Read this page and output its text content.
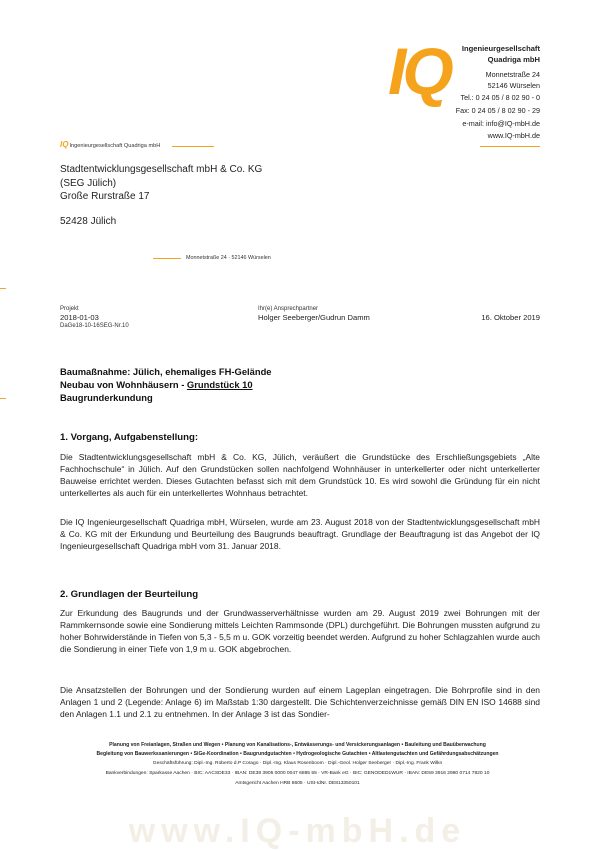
IQ	Ingenieurgesellschaft
Quadriga mbH
Monnetstraße 24
52146 Würselen
Tel.: 0 24 05 / 8 02 90 - 0
Fax: 0 24 05 / 8 02 90 - 29
e-mail: info@IQ-mbH.de
www.IQ-mbH.de
IQIngenieurgesellschaft Quadriga mbH
Stadtentwicklungsgesellschaft mbH & Co. KG
(SEG Jülich)
Große Rurstraße 17
52428 Jülich
Monnetstraße 24 · 52146 Würselen
Projekt
2018-01-03
DaGe18-10-16SEG-Nr.10
Ihr(e) Ansprechpartner
Holger Seeberger/Gudrun Damm	16. Oktober 2019
Baumaßnahme: Jülich, ehemaliges FH-Gelände
Neubau von Wohnhäusern - Grundstück 10
Baugrunderkundung
1. Vorgang, Aufgabenstellung:
Die Stadtentwicklungsgesellschaft mbH & Co. KG, Jülich, veräußert die Grundstücke des Erschließungsgebiets „Alte Fachhochschule“ in Jülich. Auf den Grundstücken sollen nachfolgend Wohnhäuser in unterkellerter oder nicht unterkellerter Bauweise errichtet werden. Dieses Gutachten befasst sich mit dem Grundstück 10. Es wird sowohl die Gründung für ein nicht unterkellertes als auch für ein unterkellertes Wohnhaus betrachtet.
Die IQ Ingenieurgesellschaft Quadriga mbH, Würselen, wurde am 23. August 2018 von der Stadtentwicklungsgesellschaft mbH & Co. KG mit der Erkundung und Beurteilung des Baugrunds beauftragt. Grundlage der Beauftragung ist das Angebot der IQ Ingenieurgesellschaft Quadriga mbH vom 31. Januar 2018.
2. Grundlagen der Beurteilung
Zur Erkundung des Baugrunds und der Grundwasserverhältnisse wurden am 29. August 2019 zwei Bohrungen mit der Rammkernsonde sowie eine Sondierung mittels Leichten Rammsonde (DPL) durchgeführt. Die Bohrungen mussten aufgrund zu hoher Bohrwiderstände in Tiefen von 5,3 - 5,5 m u. GOK vorzeitig beendet werden. Aufgrund zu hoher Schlagzahlen wurde auch die Sondierung in einer Tiefe von 1,9 m u. GOK abgebrochen.
Die Ansatzstellen der Bohrungen und der Sondierung wurden auf einem Lageplan eingetragen. Die Bohrprofile sind in den Anlagen 1 und 2 (Legende: Anlage 6) im Maßstab 1:30 dargestellt. Die Schichtenverzeichnisse gemäß DIN EN ISO 14688 sind den Anlagen 1.1 und 2.1 zu entnehmen. In der Anlage 3 ist das Sondier-
Planung von Freianlagen, Straßen und Wegen • Planung von Kanalisations-, Entwässerungs- und Versickerungsanlagen • Bauleitung und Bauüberwachung
Begleitung von Bauwerkssanierungen • SiGe-Koordination • Baugrundgutachten • Hydrogeologische Gutachten • Altlastengutachten und Gefährdungsabschätzungen
Geschäftsführung: Dipl.-Ing. Roberto d.P Corago · Dipl.-Ing. Klaus Rosenboom · Dipl.-Geol. Holger Seeberger · Dipl.-Ing. Frank Wilkn
Bankverbindungen: Sparkasse Aachen · BIC: AACSDE33 · IBAN: DE38 3905 0000 0047 6885 55 · VR-Bank eG · BIC: GENODED1WUR · IBAN: DE59 3916 2980 0714 7820 10
Amtsgericht Aachen HRB 8605 · USt-IdNr. DE813350101
www.IQ-mbH.de
